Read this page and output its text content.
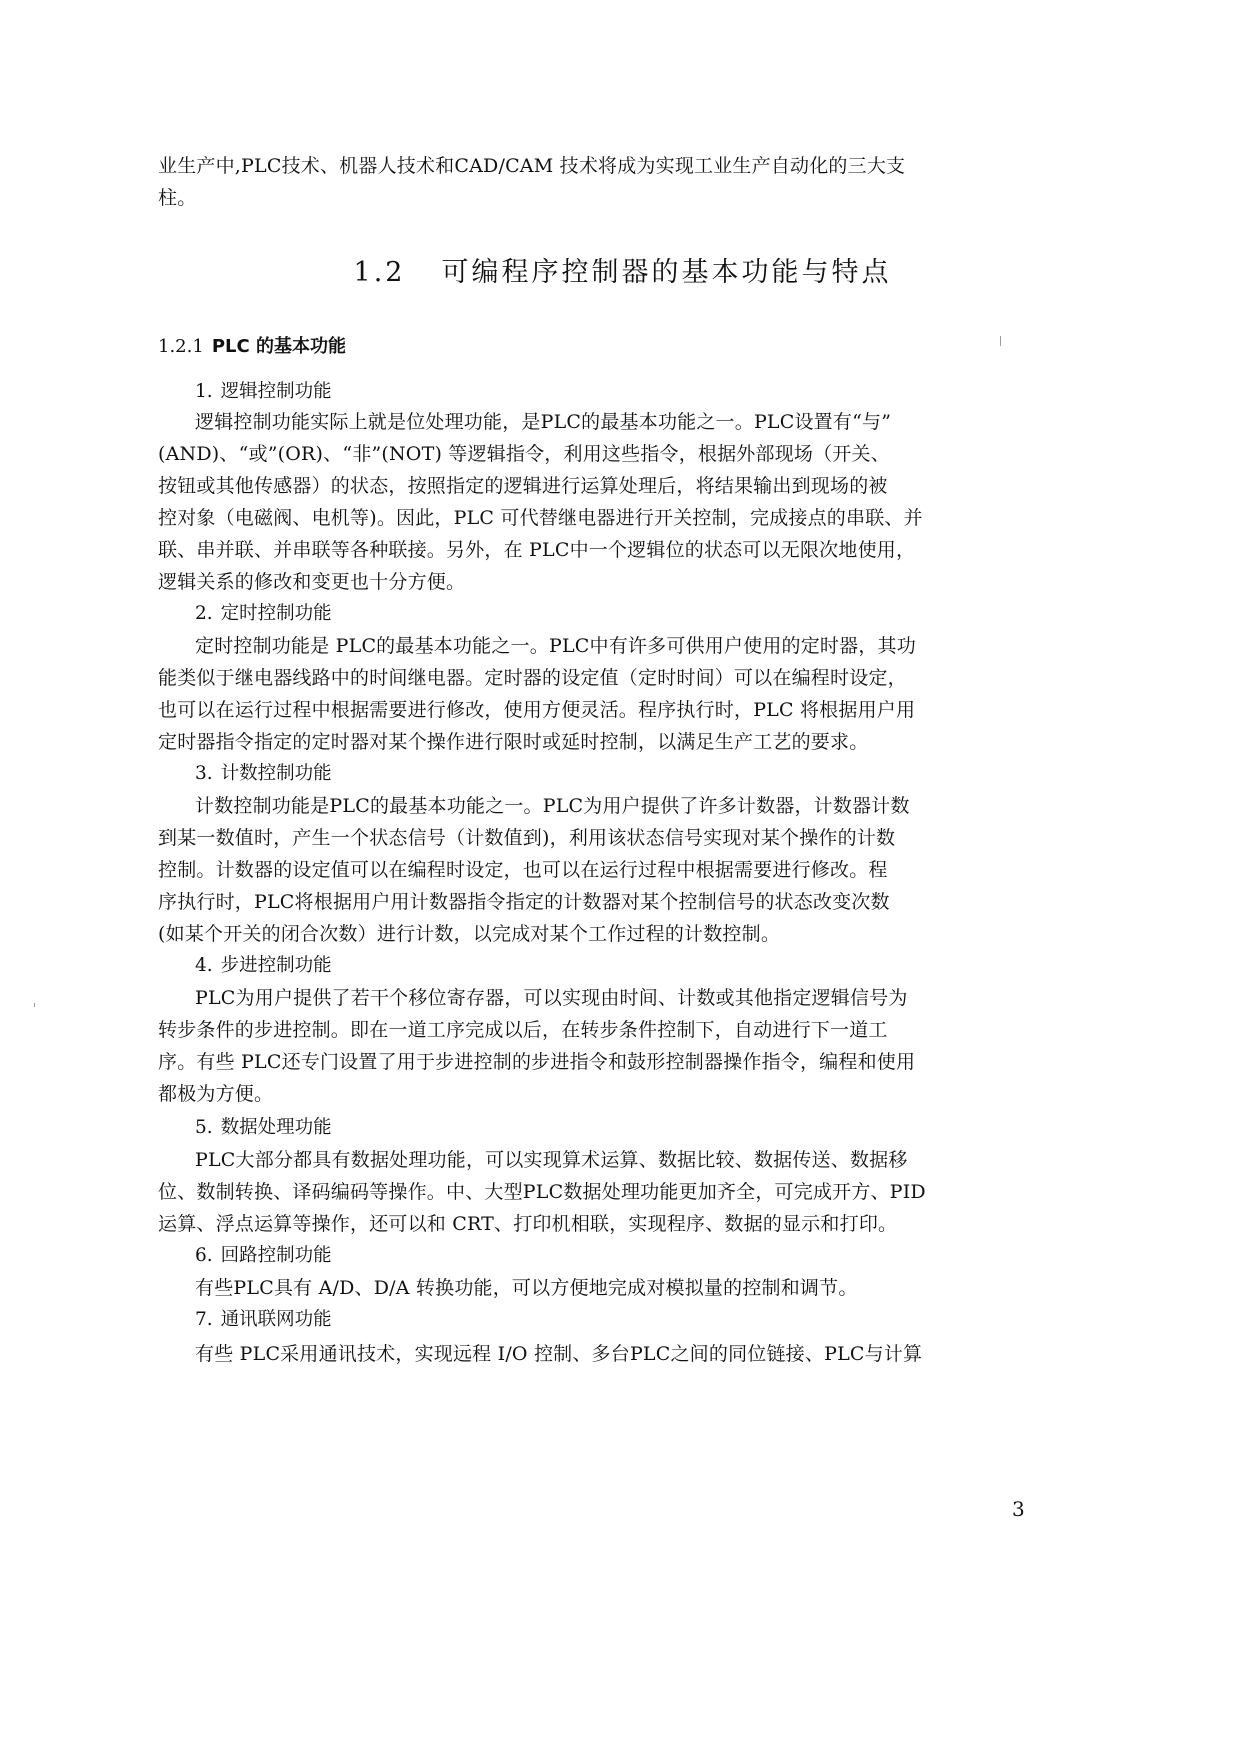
业生产中,PLC技术、机器人技术和CAD/CAM 技术将成为实现工业生产自动化的三大支
柱。
1.2 可编程序控制器的基本功能与特点
1.2.1 PLC 的基本功能
1. 逻辑控制功能
逻辑控制功能实际上就是位处理功能，是PLC的最基本功能之一。PLC设置有“与”
(AND)、“或”(OR)、“非”(NOT) 等逻辑指令，利用这些指令，根据外部现场（开关、
按钮或其他传感器）的状态，按照指定的逻辑进行运算处理后，将结果输出到现场的被
控对象（电磁阀、电机等)。因此，PLC 可代替继电器进行开关控制，完成接点的串联、并
联、串并联、并串联等各种联接。另外，在 PLC中一个逻辑位的状态可以无限次地使用，
逻辑关系的修改和变更也十分方便。
2. 定时控制功能
定时控制功能是 PLC的最基本功能之一。PLC中有许多可供用户使用的定时器，其功
能类似于继电器线路中的时间继电器。定时器的设定值（定时时间）可以在编程时设定，
也可以在运行过程中根据需要进行修改，使用方便灵活。程序执行时，PLC 将根据用户用
定时器指令指定的定时器对某个操作进行限时或延时控制，以满足生产工艺的要求。
3. 计数控制功能
计数控制功能是PLC的最基本功能之一。PLC为用户提供了许多计数器，计数器计数
到某一数值时，产生一个状态信号（计数值到)，利用该状态信号实现对某个操作的计数
控制。计数器的设定值可以在编程时设定，也可以在运行过程中根据需要进行修改。程
序执行时，PLC将根据用户用计数器指令指定的计数器对某个控制信号的状态改变次数
(如某个开关的闭合次数）进行计数，以完成对某个工作过程的计数控制。
4. 步进控制功能
PLC为用户提供了若干个移位寄存器，可以实现由时间、计数或其他指定逻辑信号为
转步条件的步进控制。即在一道工序完成以后，在转步条件控制下，自动进行下一道工
序。有些 PLC还专门设置了用于步进控制的步进指令和鼓形控制器操作指令，编程和使用
都极为方便。
5. 数据处理功能
PLC大部分都具有数据处理功能，可以实现算术运算、数据比较、数据传送、数据移
位、数制转换、译码编码等操作。中、大型PLC数据处理功能更加齐全，可完成开方、PID
运算、浮点运算等操作，还可以和 CRT、打印机相联，实现程序、数据的显示和打印。
6. 回路控制功能
有些PLC具有 A/D、D/A 转换功能，可以方便地完成对模拟量的控制和调节。
7. 通讯联网功能
有些 PLC采用通讯技术，实现远程 I/O 控制、多台PLC之间的同位链接、PLC与计算
3
